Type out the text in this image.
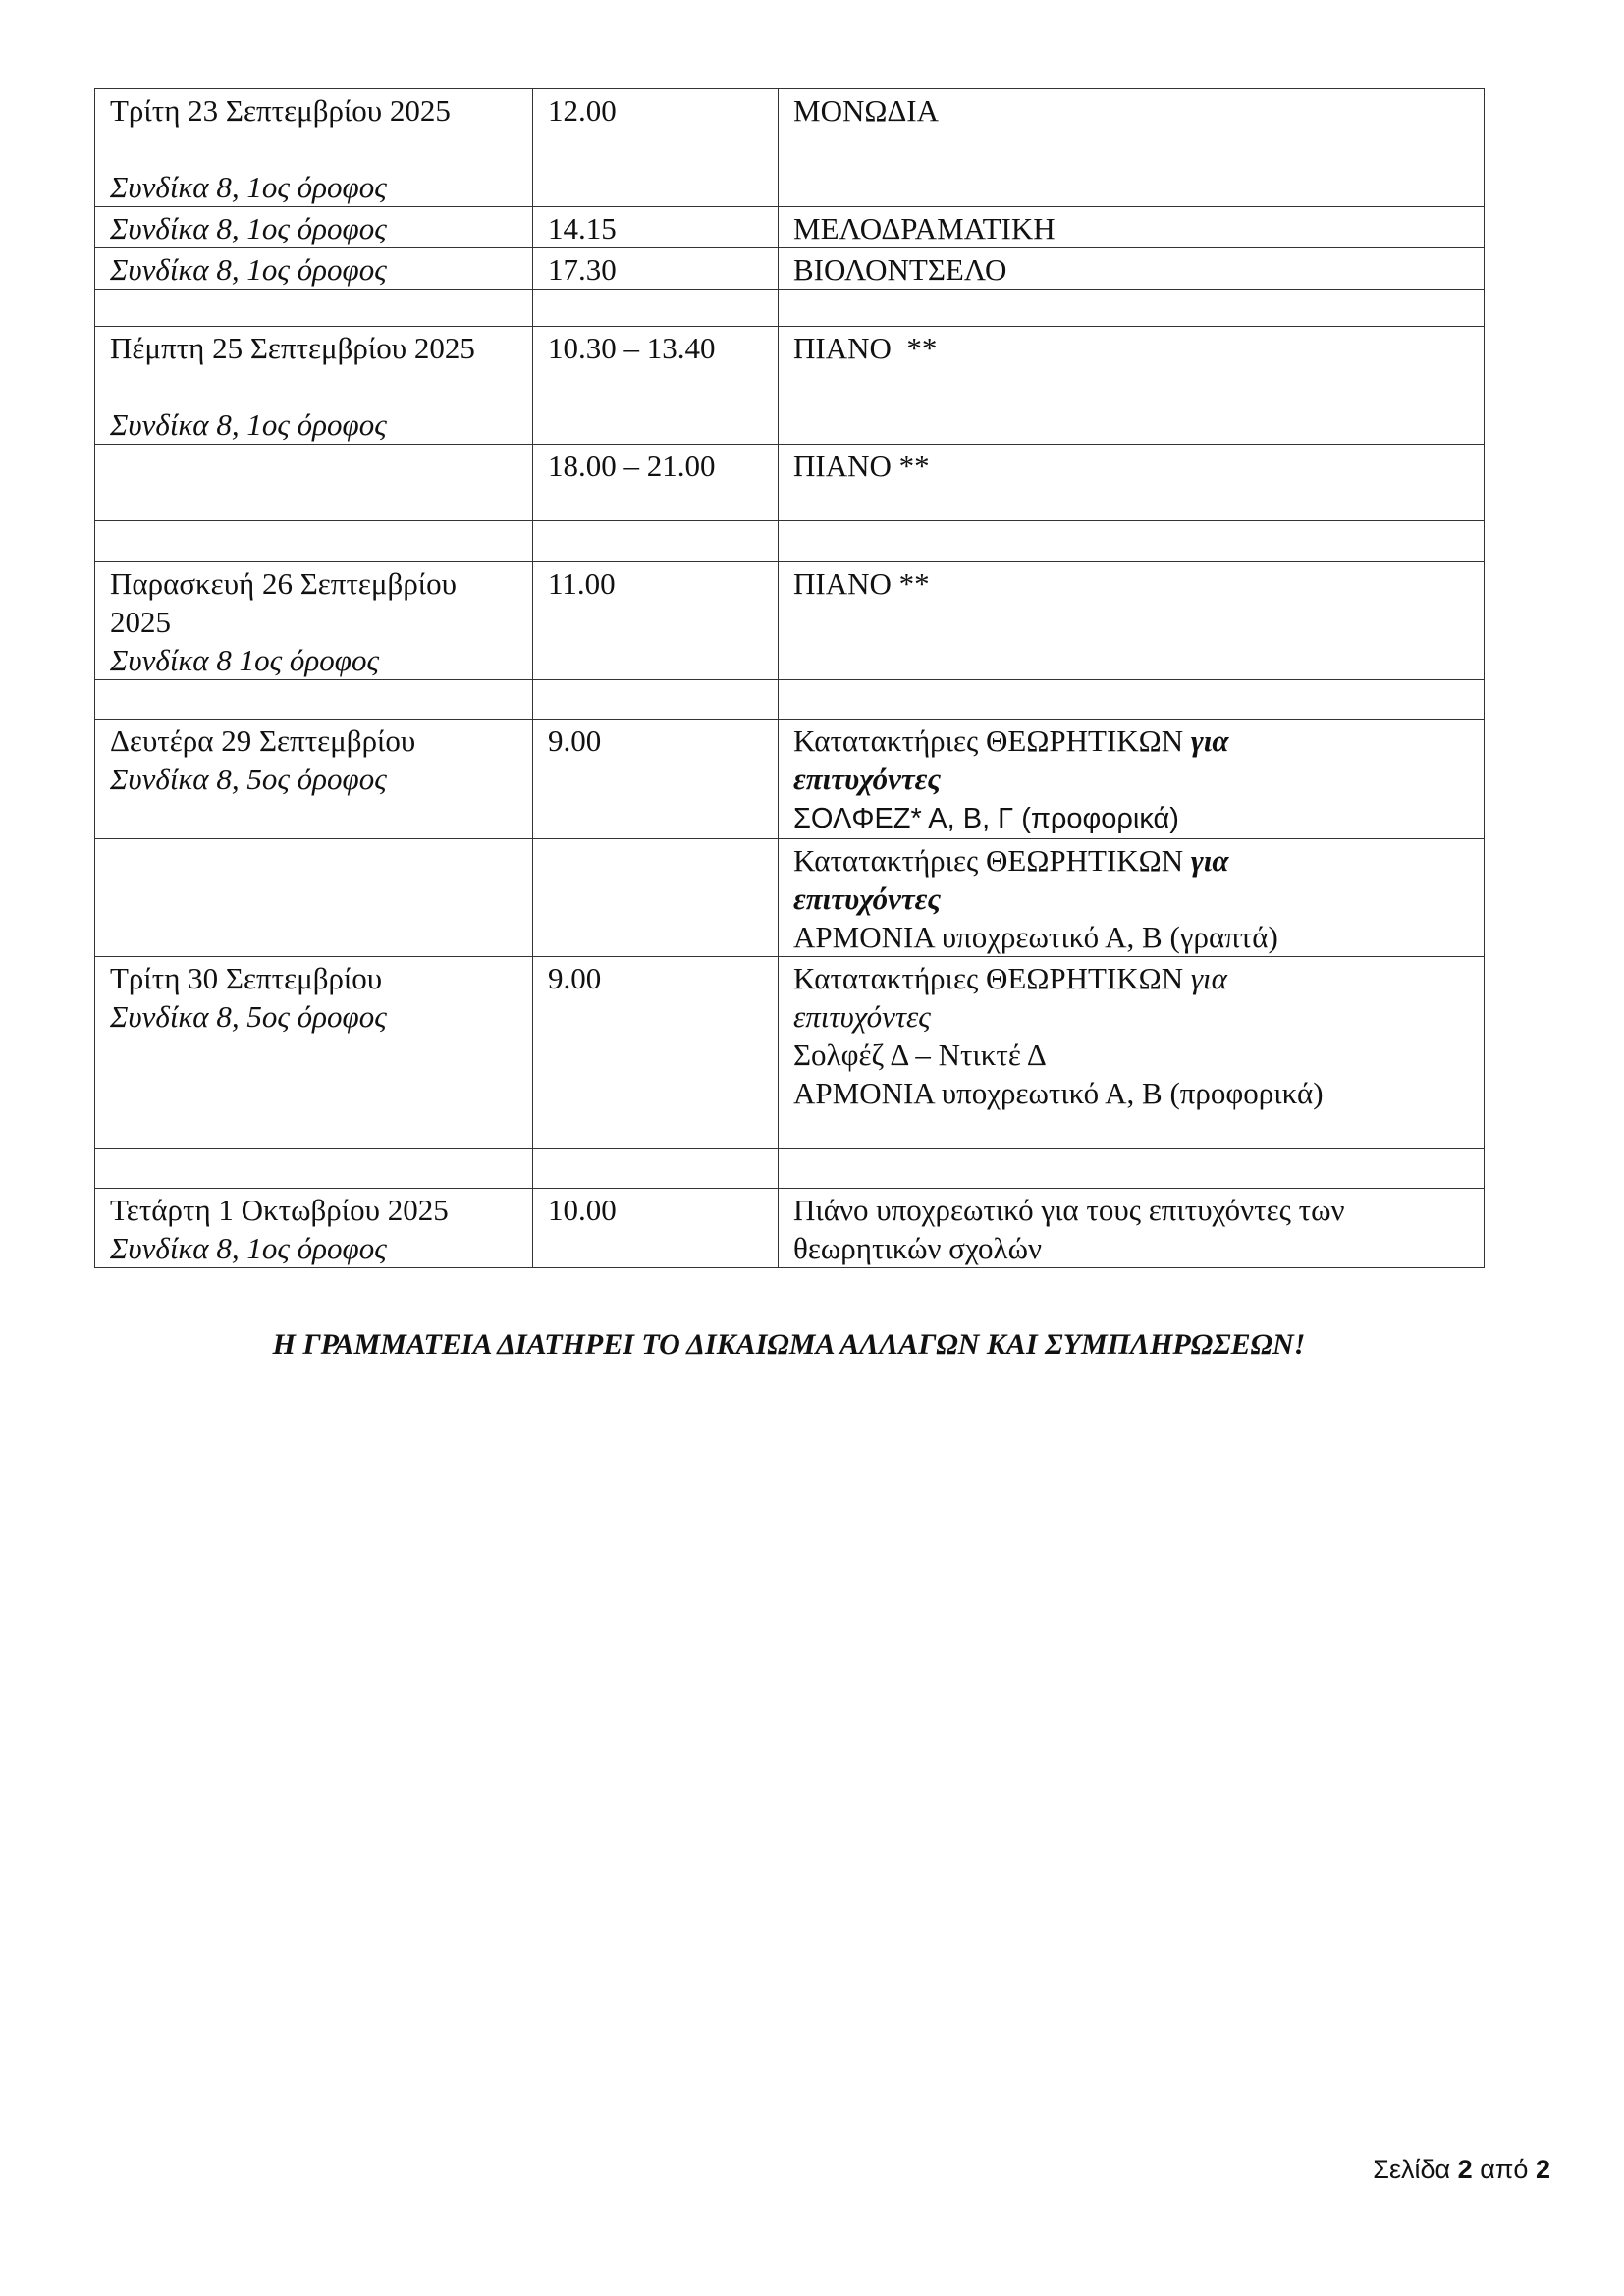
Τρίτη 23 Σεπτεμβρίου 2025
Συνδίκα 8, 1ος όροφος	12.00	ΜΟΝΩΔΙΑ

Συνδίκα 8, 1ος όροφος	14.15	ΜΕΛΟΔΡΑΜΑΤΙΚΗ

Συνδίκα 8, 1ος όροφος	17.30	ΒΙΟΛΟΝΤΣΕΛΟ

Πέμπτη 25 Σεπτεμβρίου 2025
Συνδίκα 8, 1ος όροφος	10.30 – 13.40	ΠΙΑΝΟ  **
	18.00 – 21.00	ΠΙΑΝΟ **

Παρασκευή 26 Σεπτεμβρίου
2025
Συνδίκα 8 1ος όροφος	11.00	ΠΙΑΝΟ **

Δευτέρα 29 Σεπτεμβρίου
Συνδίκα 8, 5ος όροφος	9.00	Κατατακτήριες ΘΕΩΡΗΤΙΚΩΝ για
επιτυχόντες
ΣΟΛΦΕΖ* Α, Β, Γ (προφορικά)
		Κατατακτήριες ΘΕΩΡΗΤΙΚΩΝ για
επιτυχόντες
ΑΡΜΟΝΙΑ υποχρεωτικό Α, Β (γραπτά)

Τρίτη 30 Σεπτεμβρίου
Συνδίκα 8, 5ος όροφος	9.00	Κατατακτήριες ΘΕΩΡΗΤΙΚΩΝ για
επιτυχόντες
Σολφέζ Δ – Ντικτέ Δ
ΑΡΜΟΝΙΑ υποχρεωτικό Α, Β (προφορικά)

Τετάρτη 1 Οκτωβρίου 2025
Συνδίκα 8, 1ος όροφος	10.00	Πιάνο υποχρεωτικό για τους επιτυχόντες των
θεωρητικών σχολών
Η ΓΡΑΜΜΑΤΕΙΑ ΔΙΑΤΗΡΕΙ ΤΟ ΔΙΚΑΙΩΜΑ ΑΛΛΑΓΩΝ ΚΑΙ ΣΥΜΠΛΗΡΩΣΕΩΝ!
Σελίδα 2 από 2
